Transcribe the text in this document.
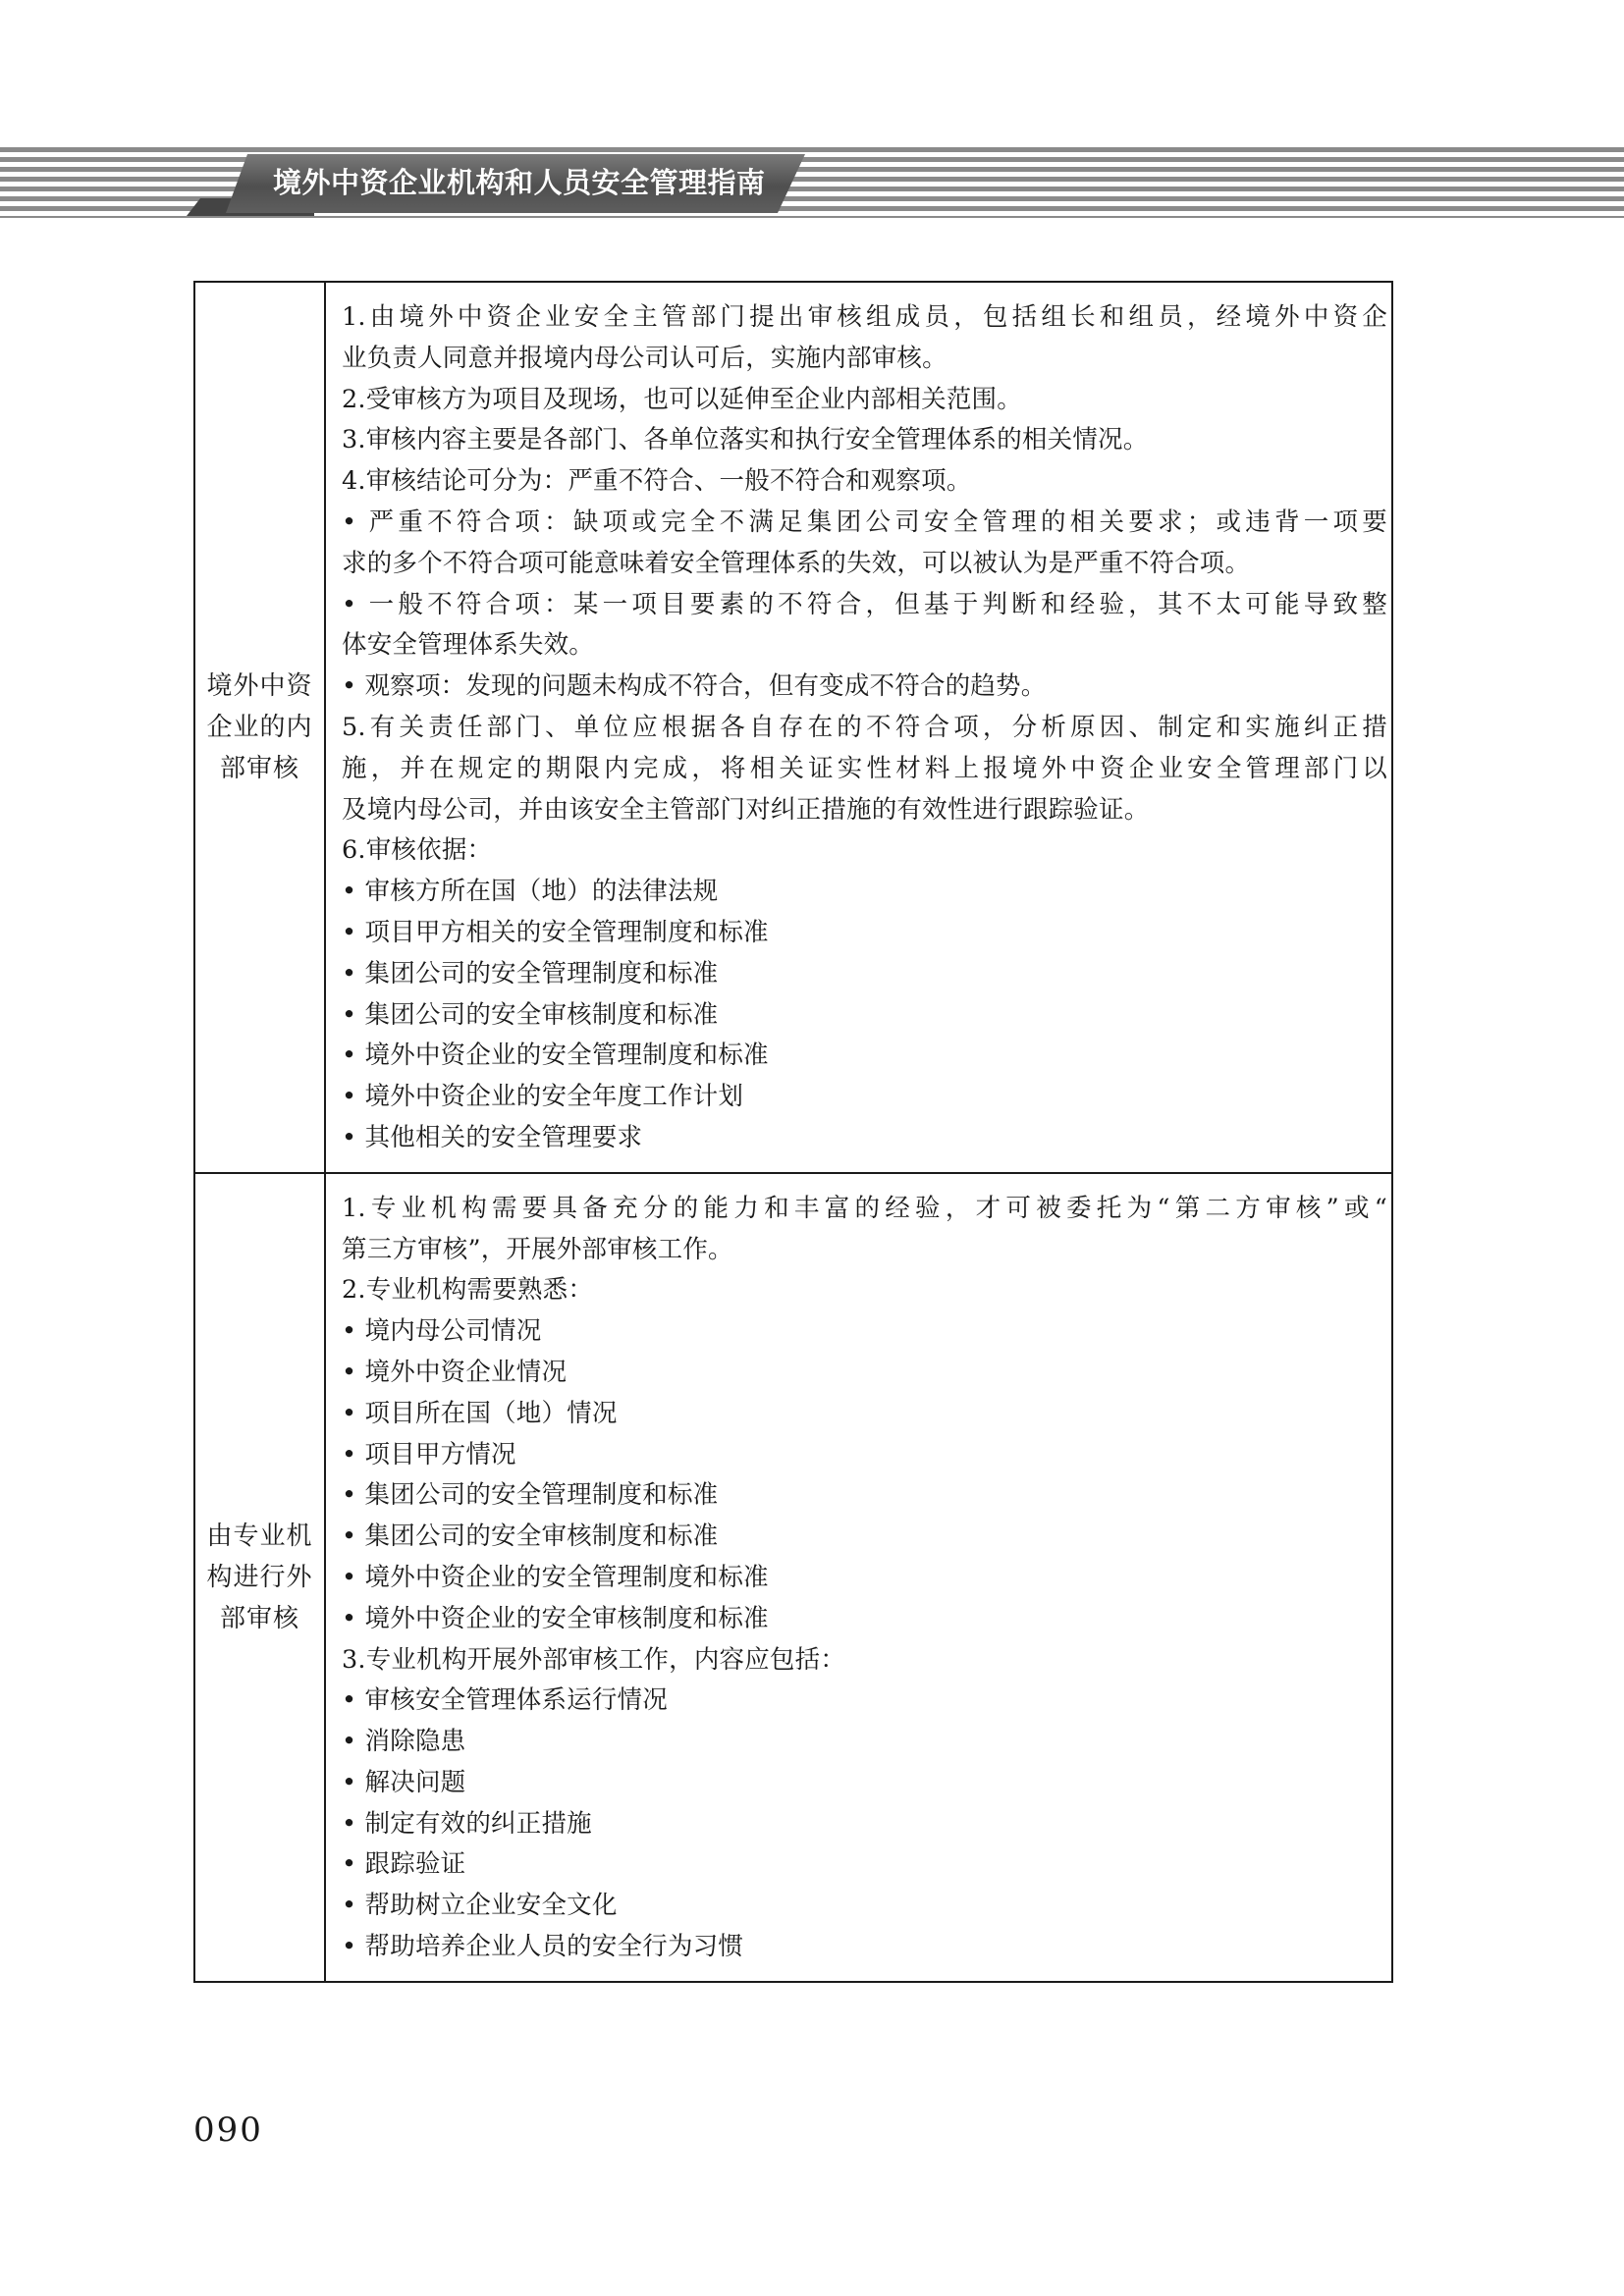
境外中资企业机构和人员安全管理指南
境外中资
企业的内
部审核
1.由境外中资企业安全主管部门提出审核组成员，包括组长和组员，经境外中资企
业负责人同意并报境内母公司认可后，实施内部审核。
2.受审核方为项目及现场，也可以延伸至企业内部相关范围。
3.审核内容主要是各部门、各单位落实和执行安全管理体系的相关情况。
4.审核结论可分为：严重不符合、一般不符合和观察项。
• 严重不符合项：缺项或完全不满足集团公司安全管理的相关要求；或违背一项要
求的多个不符合项可能意味着安全管理体系的失效，可以被认为是严重不符合项。
• 一般不符合项：某一项目要素的不符合，但基于判断和经验，其不太可能导致整
体安全管理体系失效。
• 观察项：发现的问题未构成不符合，但有变成不符合的趋势。
5.有关责任部门、单位应根据各自存在的不符合项，分析原因、制定和实施纠正措
施，并在规定的期限内完成，将相关证实性材料上报境外中资企业安全管理部门以
及境内母公司，并由该安全主管部门对纠正措施的有效性进行跟踪验证。
6.审核依据：
• 审核方所在国（地）的法律法规
• 项目甲方相关的安全管理制度和标准
• 集团公司的安全管理制度和标准
• 集团公司的安全审核制度和标准
• 境外中资企业的安全管理制度和标准
• 境外中资企业的安全年度工作计划
• 其他相关的安全管理要求
由专业机
构进行外
部审核
1.专业机构需要具备充分的能力和丰富的经验，才可被委托为“第二方审核”或“
第三方审核”，开展外部审核工作。
2.专业机构需要熟悉：
• 境内母公司情况
• 境外中资企业情况
• 项目所在国（地）情况
• 项目甲方情况
• 集团公司的安全管理制度和标准
• 集团公司的安全审核制度和标准
• 境外中资企业的安全管理制度和标准
• 境外中资企业的安全审核制度和标准
3.专业机构开展外部审核工作，内容应包括：
• 审核安全管理体系运行情况
• 消除隐患
• 解决问题
• 制定有效的纠正措施
• 跟踪验证
• 帮助树立企业安全文化
• 帮助培养企业人员的安全行为习惯
090
